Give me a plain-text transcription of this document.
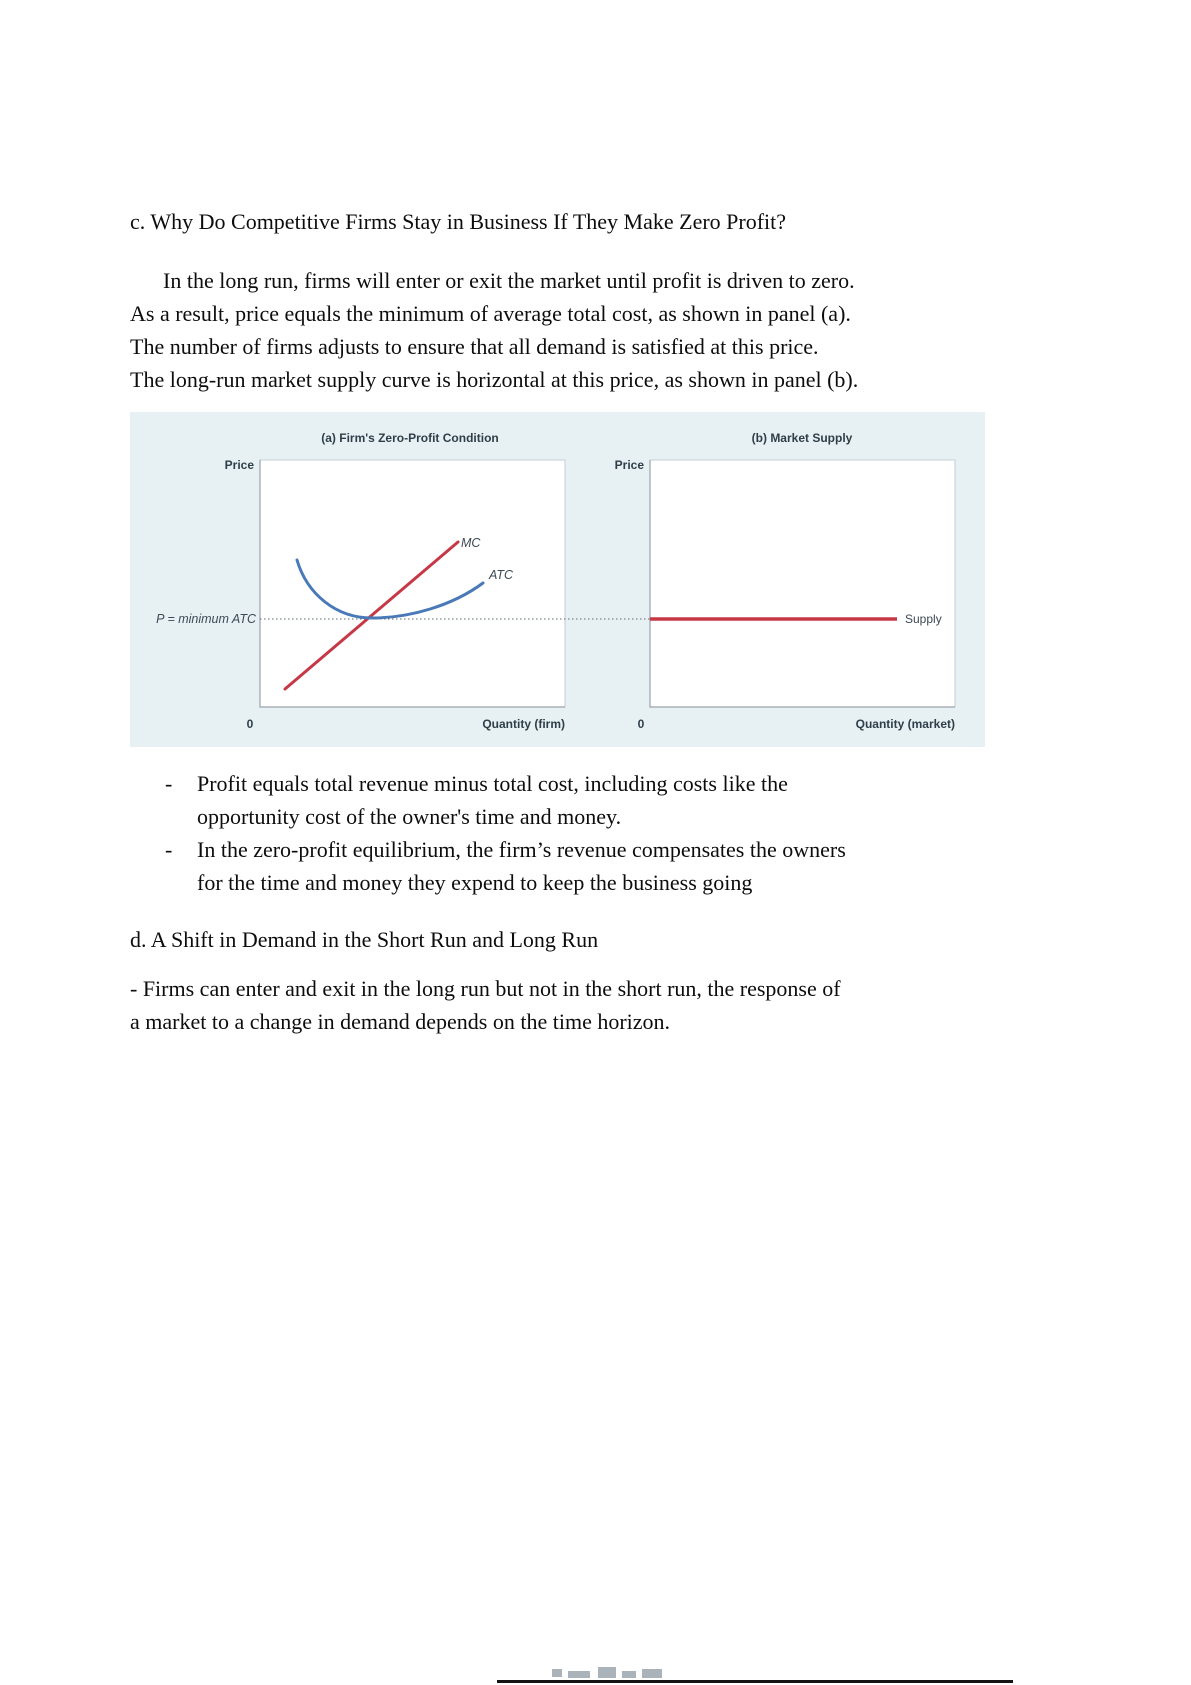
c. Why Do Competitive Firms Stay in Business If They Make Zero Profit?

In the long run, firms will enter or exit the market until profit is driven to zero.
As a result, price equals the minimum of average total cost, as shown in panel (a).
The number of firms adjusts to ensure that all demand is satisfied at this price.
The long-run market supply curve is horizontal at this price, as shown in panel (b).

(a) Firm's Zero-Profit Condition	(b) Market Supply
Price	Price
P = minimum ATC
MC
ATC
0	Quantity (firm)
Supply
0	Quantity (market)
-	Profit equals total revenue minus total cost, including costs like the
opportunity cost of the owner's time and money.
-	In the zero-profit equilibrium, the firm’s revenue compensates the owners
for the time and money they expend to keep the business going
d. A Shift in Demand in the Short Run and Long Run

- Firms can enter and exit in the long run but not in the short run, the response of
a market to a change in demand depends on the time horizon.
